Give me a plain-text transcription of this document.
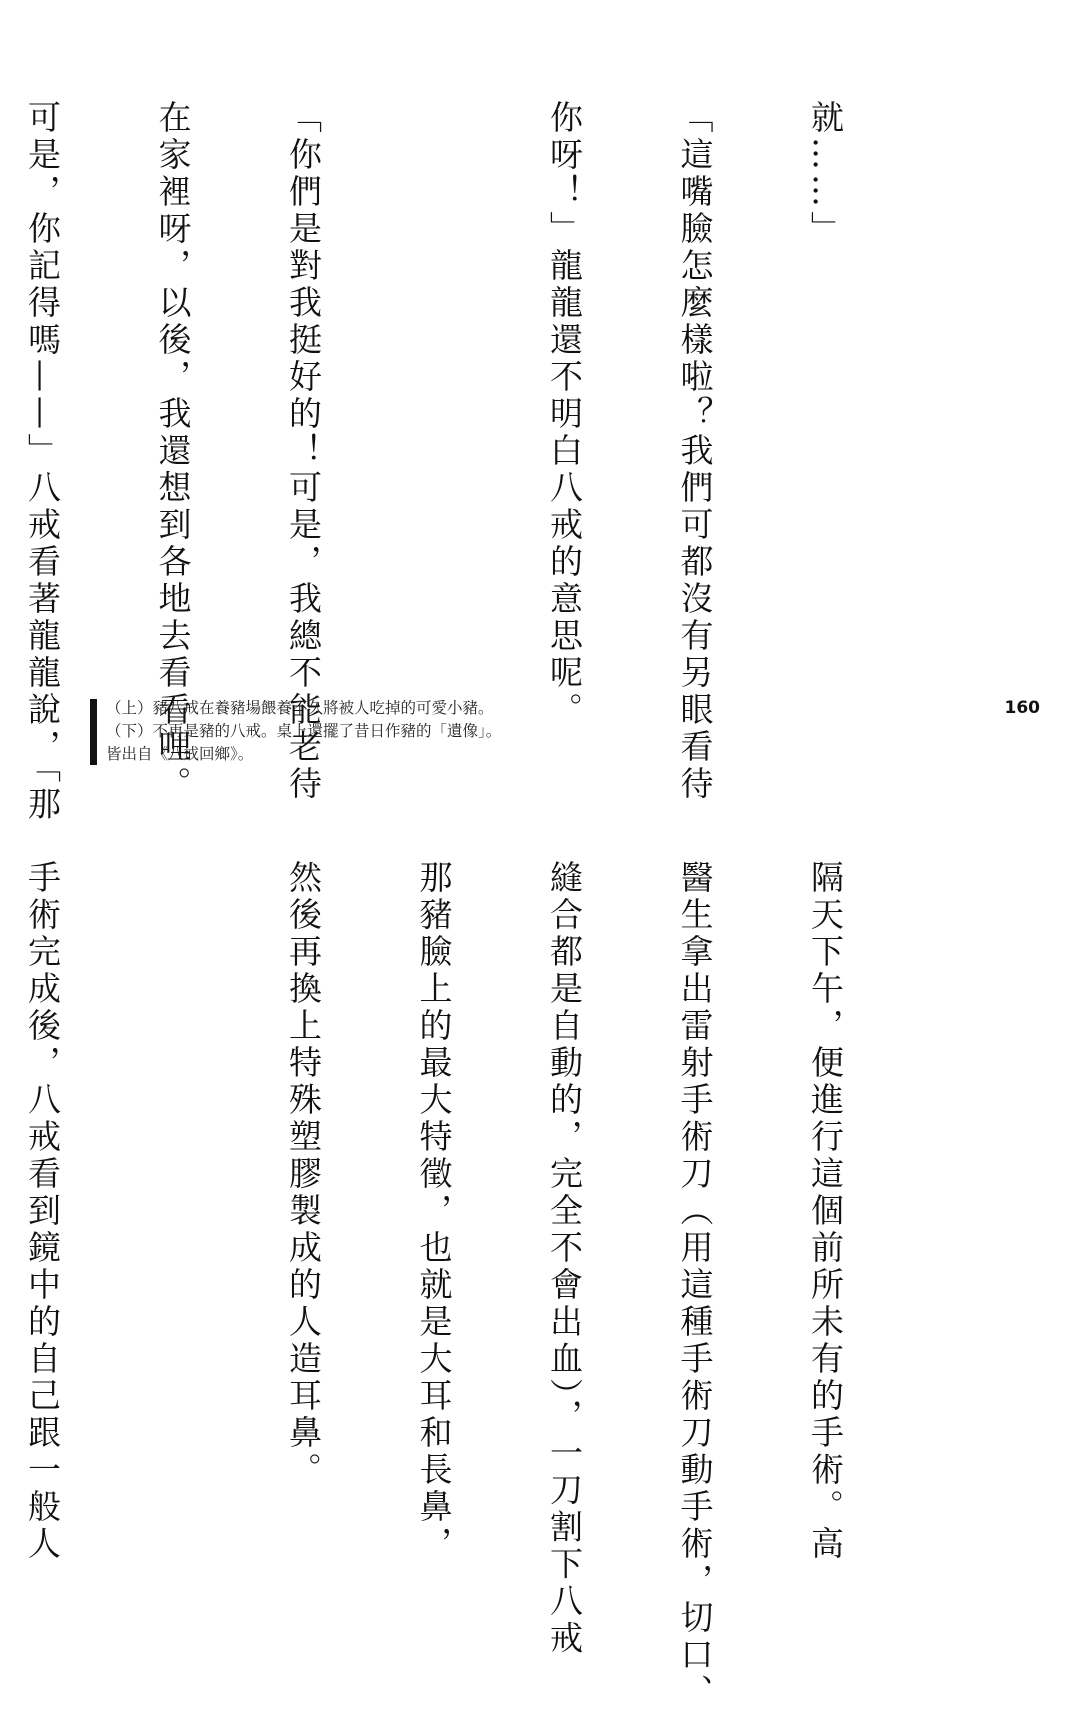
就……」

「這嘴臉怎麼樣啦？我們可都沒有另眼看待

你呀！」龍龍還不明白八戒的意思呢。

「你們是對我挺好的！可是，我總不能老待

在家裡呀，以後，我還想到各地去看看哩。

可是，你記得嗎——」八戒看著龍龍說，「那

	（上）豬八戒在養豬場餵養不久將被人吃掉的可愛小豬。
（下）不再是豬的八戒。桌上還擺了昔日作豬的「遺像」。
皆出自《八戒回鄉》。
160

隔天下午，便進行這個前所未有的手術。高

醫生拿出雷射手術刀（用這種手術刀動手術，切口、

縫合都是自動的，完全不會出血），一刀割下八戒

那豬臉上的最大特徵，也就是大耳和長鼻，

然後再換上特殊塑膠製成的人造耳鼻。

手術完成後，八戒看到鏡中的自己跟一般人
